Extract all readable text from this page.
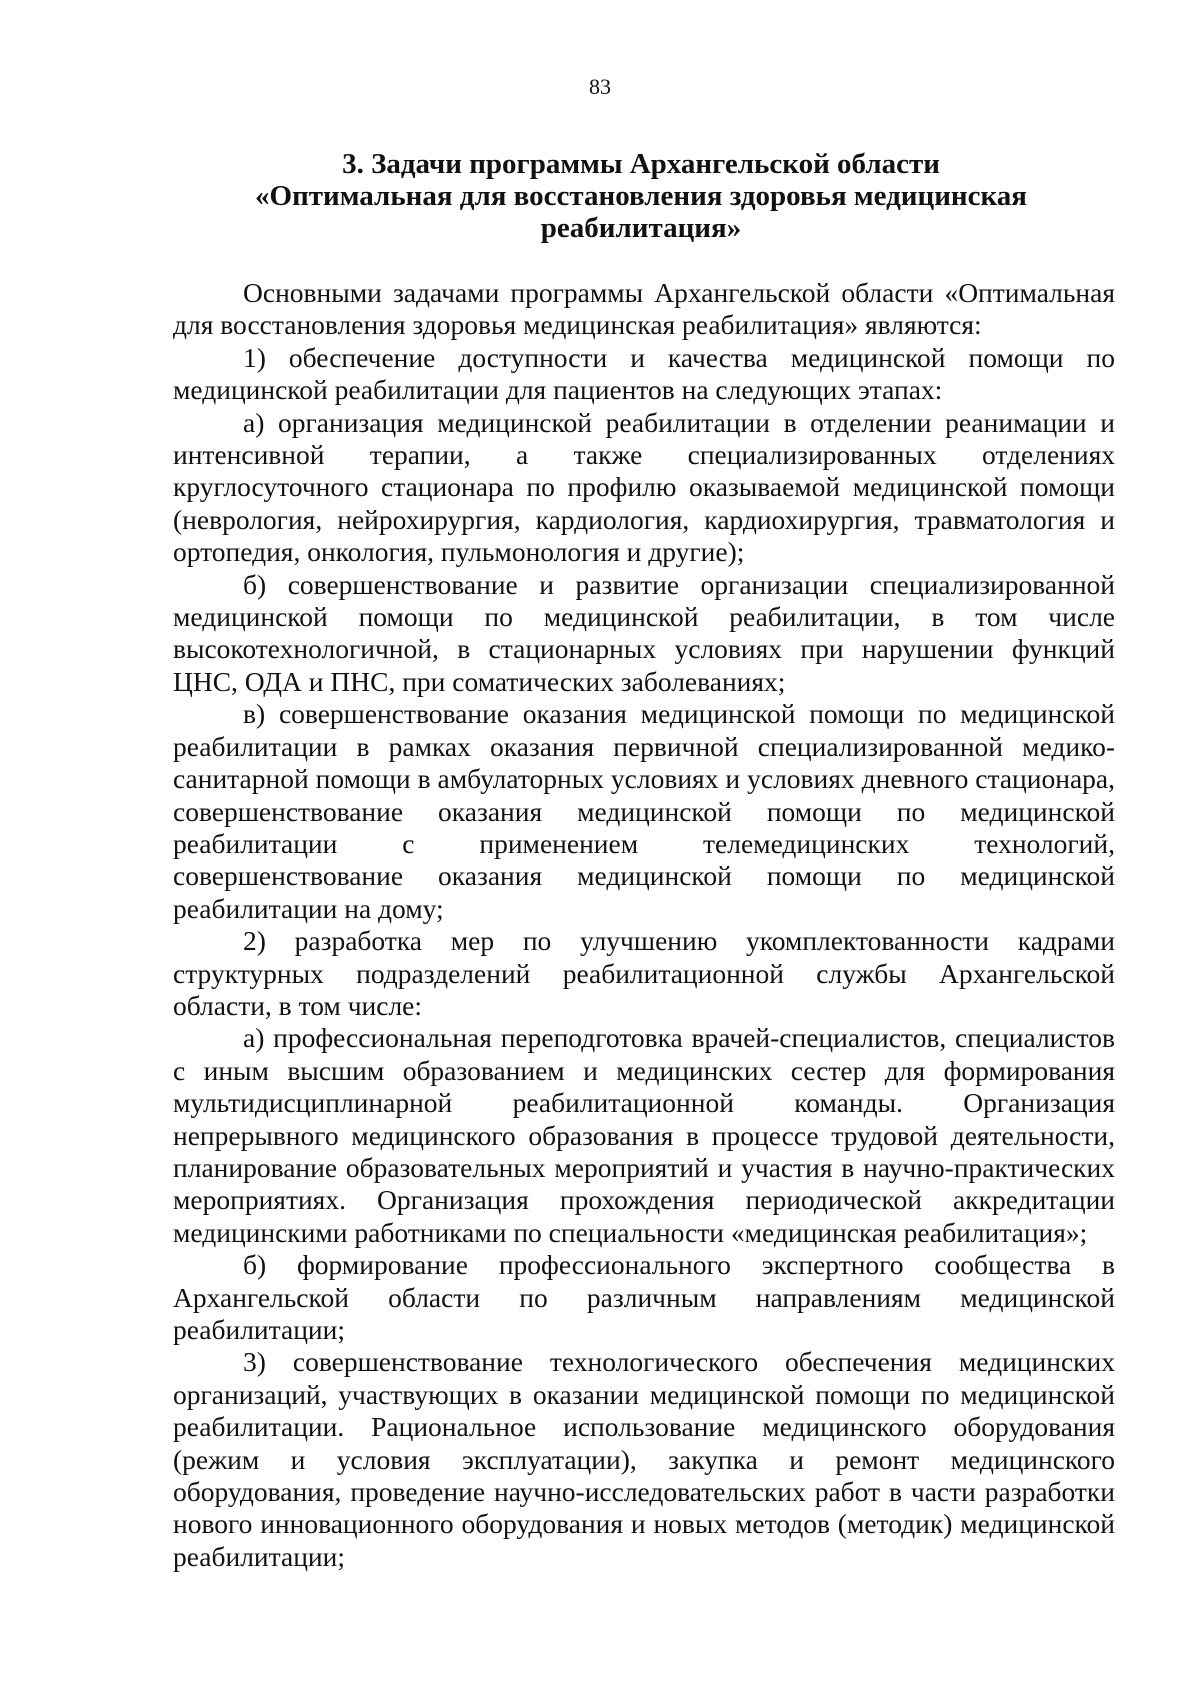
83
3. Задачи программы Архангельской области
«Оптимальная для восстановления здоровья медицинская
реабилитация»

Основными задачами программы Архангельской области «Оптимальная для восстановления здоровья медицинская реабилитация» являются:

1) обеспечение доступности и качества медицинской помощи по медицинской реабилитации для пациентов на следующих этапах:

а) организация медицинской реабилитации в отделении реанимации и интенсивной терапии, а также специализированных отделениях круглосуточного стационара по профилю оказываемой медицинской помощи (неврология, нейрохирургия, кардиология, кардиохирургия, травматология и ортопедия, онкология, пульмонология и другие);

б) совершенствование и развитие организации специализированной медицинской помощи по медицинской реабилитации, в том числе высокотехнологичной, в стационарных условиях при нарушении функций ЦНС, ОДА и ПНС, при соматических заболеваниях;

в) совершенствование оказания медицинской помощи по медицинской реабилитации в рамках оказания первичной специализированной медико-санитарной помощи в амбулаторных условиях и условиях дневного стационара, совершенствование оказания медицинской помощи по медицинской реабилитации с применением телемедицинских технологий, совершенствование оказания медицинской помощи по медицинской реабилитации на дому;

2) разработка мер по улучшению укомплектованности кадрами структурных подразделений реабилитационной службы Архангельской области, в том числе:

а) профессиональная переподготовка врачей-специалистов, специалистов с иным высшим образованием и медицинских сестер для формирования мультидисциплинарной реабилитационной команды. Организация непрерывного медицинского образования в процессе трудовой деятельности, планирование образовательных мероприятий и участия в научно-практических мероприятиях. Организация прохождения периодической аккредитации медицинскими работниками по специальности «медицинская реабилитация»;

б) формирование профессионального экспертного сообщества в Архангельской области по различным направлениям медицинской реабилитации;

3) совершенствование технологического обеспечения медицинских организаций, участвующих в оказании медицинской помощи по медицинской реабилитации. Рациональное использование медицинского оборудования (режим и условия эксплуатации), закупка и ремонт медицинского оборудования, проведение научно-исследовательских работ в части разработки нового инновационного оборудования и новых методов (методик) медицинской реабилитации;
